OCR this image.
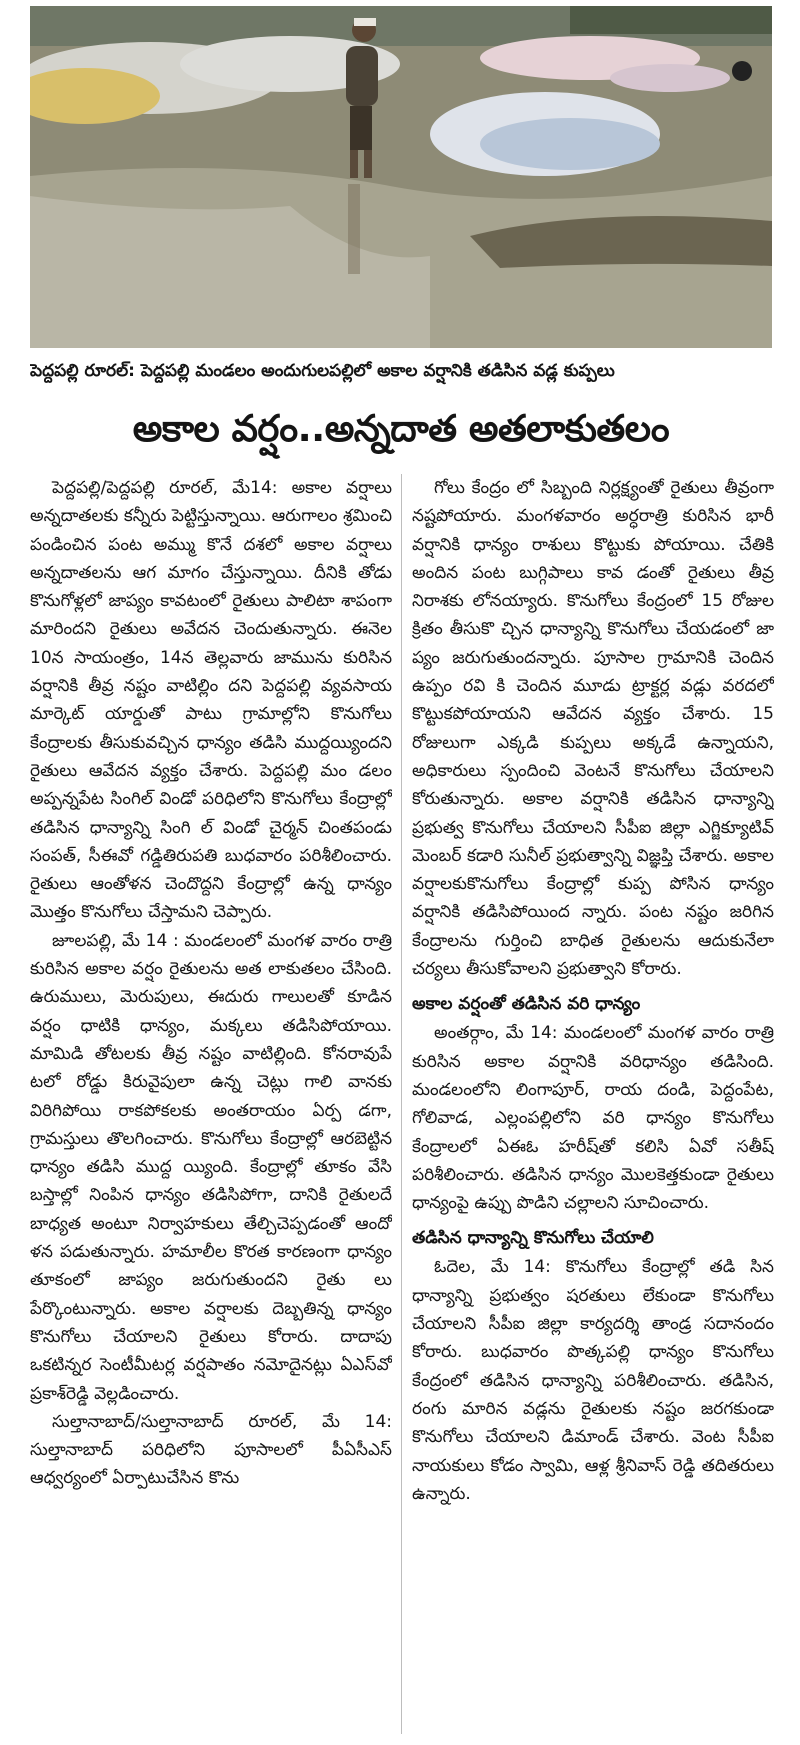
పెద్దపల్లి రూరల్: పెద్దపల్లి మండలం అందుగులపల్లిలో అకాల వర్షానికి తడిసిన వడ్ల కుప్పలు
అకాల వర్షం..అన్నదాత అతలాకుతలం

పెద్దపల్లి/పెద్దపల్లి రూరల్, మే14: అకాల వర్షాలు అన్నదాతలకు కన్నీరు పెట్టిస్తున్నాయి. ఆరుగాలం శ్రమించి పండించిన పంట అమ్ము కొనే దశలో అకాల వర్షాలు అన్నదాతలను ఆగ మాగం చేస్తున్నాయి. దీనికి తోడు కొనుగోళ్లలో జాప్యం కావటంలో రైతులు పాలిటా శాపంగా మారిందని రైతులు అవేదన చెందుతున్నారు. ఈనెల 10న సాయంత్రం, 14న తెల్లవారు జామును కురిసిన వర్షానికి తీవ్ర నష్టం వాటిల్లిం దని పెద్దపల్లి వ్యవసాయ మార్కెట్ యార్డుతో పాటు గ్రామాల్లోని కొనుగోలు కేంద్రాలకు తీసుకువచ్చిన ధాన్యం తడిసి ముద్దయ్యిందని రైతులు ఆవేదన వ్యక్తం చేశారు. పెద్దపల్లి మం డలం అప్పన్నపేట సింగిల్ విండో పరిధిలోని కొనుగోలు కేంద్రాల్లో తడిసిన ధాన్యాన్ని సింగి ల్ విండో చైర్మన్ చింతపండు సంపత్, సీఈవో గడ్డితిరుపతి బుధవారం పరిశీలించారు. రైతులు ఆంతోళన చెందొద్దని కేంద్రాల్లో ఉన్న ధాన్యం మొత్తం కొనుగోలు చేస్తామని చెప్పారు.

జూలపల్లి, మే 14 : మండలంలో మంగళ వారం రాత్రి కురిసిన అకాల వర్షం రైతులను అత లాకుతలం చేసింది. ఉరుములు, మెరుపులు, ఈదురు గాలులతో కూడిన వర్షం ధాటికి ధాన్యం, మక్కలు తడిసిపోయాయి. మామిడి తోటలకు తీవ్ర నష్టం వాటిల్లింది. కోనరావుపే టలో రోడ్డు కిరువైపులా ఉన్న చెట్లు గాలి వానకు విరిగిపోయి రాకపోకలకు అంతరాయం ఏర్ప డగా, గ్రామస్తులు తొలగించారు. కొనుగోలు కేంద్రాల్లో ఆరబెట్టిన ధాన్యం తడిసి ముద్ద య్యింది. కేంద్రాల్లో తూకం వేసి బస్తాల్లో నింపిన ధాన్యం తడిసిపోగా, దానికి రైతులదే బాధ్యత అంటూ నిర్వాహకులు తేల్చిచెప్పడంతో ఆందో ళన పడుతున్నారు. హమాలీల కొరత కారణంగా ధాన్యం తూకంలో జాప్యం జరుగుతుందని రైతు లు పేర్కొంటున్నారు. అకాల వర్షాలకు దెబ్బతిన్న ధాన్యం కొనుగోలు చేయాలని రైతులు కోరారు. దాదాపు ఒకటిన్నర సెంటీమీటర్ల వర్షపాతం నమోదైనట్లు ఏఎస్‌వో ప్రకాశ్‌రెడ్డి వెల్లడించారు.

సుల్తానాబాద్/సుల్తానాబాద్ రూరల్, మే 14: సుల్తానాబాద్ పరిధిలోని పూసాలలో పీఏసీఎస్ ఆధ్వర్యంలో ఏర్పాటుచేసిన కొను

గోలు కేంద్రం లో సిబ్బంది నిర్లక్ష్యంతో రైతులు తీవ్రంగా నష్టపోయారు. మంగళవారం అర్ధరాత్రి కురిసిన భారీ వర్షానికి ధాన్యం రాశులు కొట్టుకు పోయాయి. చేతికి అందిన పంట బుగ్గిపాలు కావ డంతో రైతులు తీవ్ర నిరాశకు లోనయ్యారు. కొనుగోలు కేంద్రంలో 15 రోజుల క్రితం తీసుకొ చ్చిన ధాన్యాన్ని కొనుగోలు చేయడంలో జా ప్యం జరుగుతుందన్నారు. పూసాల గ్రామానికి చెందిన ఉప్పం రవి కి చెందిన మూడు ట్రాక్టర్ల వడ్లు వరదలో కొట్టుకపోయాయని ఆవేదన వ్యక్తం చేశారు. 15 రోజులుగా ఎక్కడి కుప్పలు అక్కడే ఉన్నాయని, అధికారులు స్పందించి వెంటనే కొనుగోలు చేయాలని కోరుతున్నారు. అకాల వర్షానికి తడిసిన ధాన్యాన్ని ప్రభుత్వ కొనుగోలు చేయాలని సీపీఐ జిల్లా ఎగ్జిక్యూటివ్ మెంబర్ కడారి సునీల్ ప్రభుత్వాన్ని విజ్ఞప్తి చేశారు. అకాల వర్షాలకుకొనుగోలు కేంద్రాల్లో కుప్ప పోసిన ధాన్యం వర్షానికి తడిసిపోయింద న్నారు. పంట నష్టం జరిగిన కేంద్రాలను గుర్తించి బాధిత రైతులను ఆదుకునేలా చర్యలు తీసుకోవాలని ప్రభుత్వాని కోరారు.

అకాల వర్షంతో తడిసిన వరి ధాన్యం

అంతర్గాం, మే 14: మండలంలో మంగళ వారం రాత్రి కురిసిన అకాల వర్షానికి వరిధాన్యం తడిసింది. మండలంలోని లింగాపూర్, రాయ దండి, పెద్దంపేట, గోలివాడ, ఎల్లంపల్లిలోని వరి ధాన్యం కొనుగోలు కేంద్రాలలో ఏఈఓ హరీష్‌తో కలిసి ఏవో సతీష్ పరిశీలించారు. తడిసిన ధాన్యం మొలకెత్తకుండా రైతులు ధాన్యంపై ఉప్పు పొడిని చల్లాలని సూచించారు.

తడిసిన ధాన్యాన్ని కొనుగోలు చేయాలి

ఓదెల, మే 14: కొనుగోలు కేంద్రాల్లో తడి సిన ధాన్యాన్ని ప్రభుత్వం షరతులు లేకుండా కొనుగోలు చేయాలని సీపీఐ జిల్లా కార్యదర్శి తాండ్ర సదానందం కోరారు. బుధవారం పొత్కపల్లి ధాన్యం కొనుగోలు కేంద్రంలో తడిసిన ధాన్యాన్ని పరిశీలించారు. తడిసిన, రంగు మారిన వడ్లను రైతులకు నష్టం జరగకుండా కొనుగోలు చేయాలని డిమాండ్ చేశారు. వెంట సీపీఐ నాయకులు కోడం స్వామి, ఆళ్ల శ్రీనివాస్ రెడ్డి తదితరులు ఉన్నారు.
